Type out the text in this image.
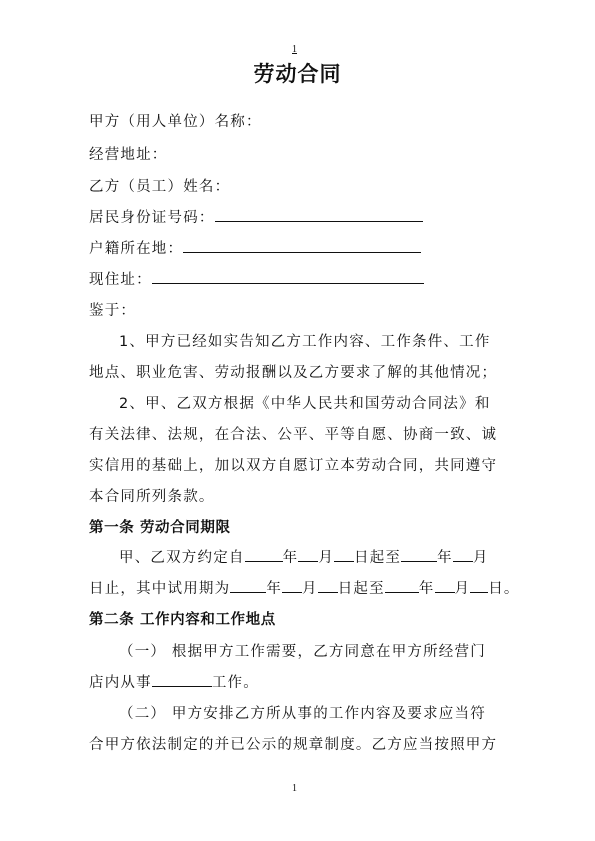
1
劳动合同
甲方（用人单位）名称：
经营地址：
乙方（员工）姓名：
居民身份证号码：
户籍所在地：
现住址：
鉴于：
1、甲方已经如实告知乙方工作内容、工作条件、工作
地点、职业危害、劳动报酬以及乙方要求了解的其他情况；
2、甲、乙双方根据《中华人民共和国劳动合同法》和
有关法律、法规，在合法、公平、平等自愿、协商一致、诚
实信用的基础上，加以双方自愿订立本劳动合同，共同遵守
本合同所列条款。
第一条 劳动合同期限
甲、乙双方约定自	年 月 日起至 年 月
日止，其中试用期为 年 月 日起至 年 月 日。
第二条 工作内容和工作地点
（一） 根据甲方工作需要，乙方同意在甲方所经营门
店内从事	工作。
（二） 甲方安排乙方所从事的工作内容及要求应当符
合甲方依法制定的并已公示的规章制度。乙方应当按照甲方
1
